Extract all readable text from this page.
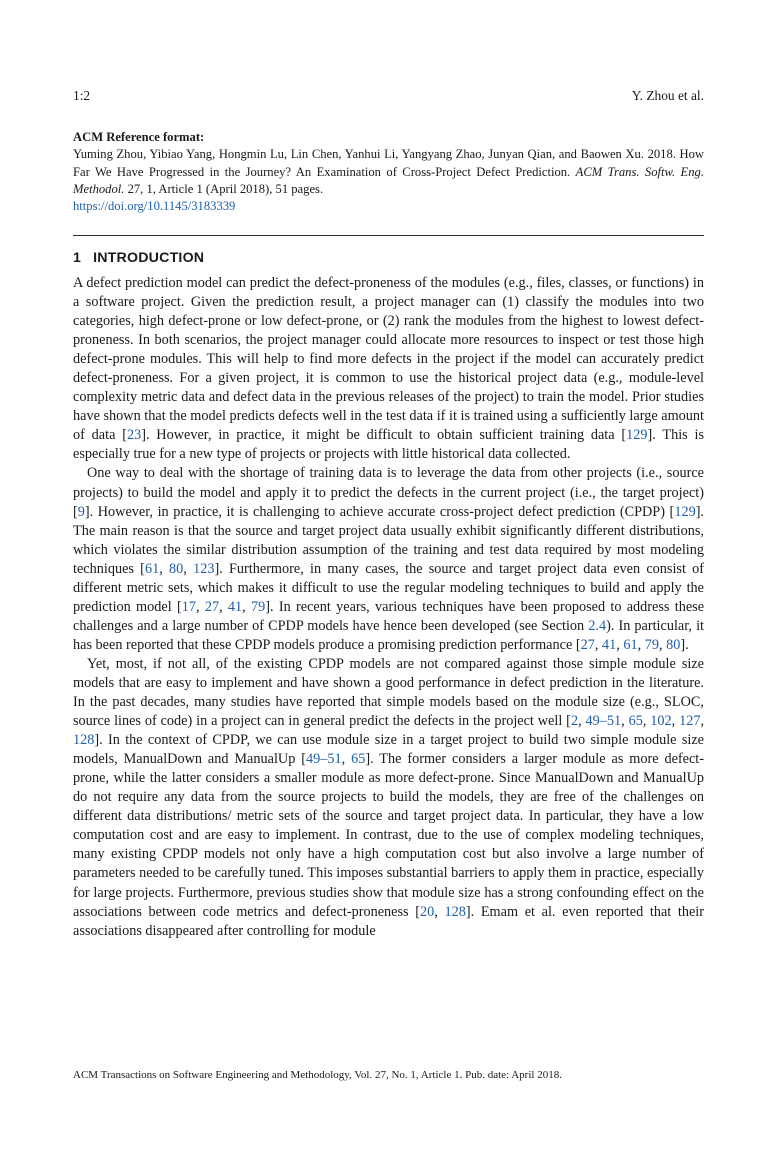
1:2	Y. Zhou et al.
ACM Reference format:

Yuming Zhou, Yibiao Yang, Hongmin Lu, Lin Chen, Yanhui Li, Yangyang Zhao, Junyan Qian, and Baowen Xu. 2018. How Far We Have Progressed in the Journey? An Examination of Cross-Project Defect Prediction. ACM Trans. Softw. Eng. Methodol. 27, 1, Article 1 (April 2018), 51 pages.

https://doi.org/10.1145/3183339
1 INTRODUCTION

A defect prediction model can predict the defect-proneness of the modules (e.g., files, classes, or functions) in a software project. Given the prediction result, a project manager can (1) classify the modules into two categories, high defect-prone or low defect-prone, or (2) rank the modules from the highest to lowest defect-proneness. In both scenarios, the project manager could allocate more resources to inspect or test those high defect-prone modules. This will help to find more defects in the project if the model can accurately predict defect-proneness. For a given project, it is common to use the historical project data (e.g., module-level complexity metric data and defect data in the previous releases of the project) to train the model. Prior studies have shown that the model predicts defects well in the test data if it is trained using a sufficiently large amount of data [23]. However, in practice, it might be difficult to obtain sufficient training data [129]. This is especially true for a new type of projects or projects with little historical data collected.

One way to deal with the shortage of training data is to leverage the data from other projects (i.e., source projects) to build the model and apply it to predict the defects in the current project (i.e., the target project) [9]. However, in practice, it is challenging to achieve accurate cross-project defect prediction (CPDP) [129]. The main reason is that the source and target project data usually exhibit significantly different distributions, which violates the similar distribution assumption of the training and test data required by most modeling techniques [61, 80, 123]. Furthermore, in many cases, the source and target project data even consist of different metric sets, which makes it difficult to use the regular modeling techniques to build and apply the prediction model [17, 27, 41, 79]. In recent years, various techniques have been proposed to address these challenges and a large number of CPDP models have hence been developed (see Section 2.4). In particular, it has been reported that these CPDP models produce a promising prediction performance [27, 41, 61, 79, 80].

Yet, most, if not all, of the existing CPDP models are not compared against those simple module size models that are easy to implement and have shown a good performance in defect prediction in the literature. In the past decades, many studies have reported that simple models based on the module size (e.g., SLOC, source lines of code) in a project can in general predict the defects in the project well [2, 49–51, 65, 102, 127, 128]. In the context of CPDP, we can use module size in a target project to build two simple module size models, ManualDown and ManualUp [49–51, 65]. The former considers a larger module as more defect-prone, while the latter considers a smaller module as more defect-prone. Since ManualDown and ManualUp do not require any data from the source projects to build the models, they are free of the challenges on different data distributions/ metric sets of the source and target project data. In particular, they have a low computation cost and are easy to implement. In contrast, due to the use of complex modeling techniques, many existing CPDP models not only have a high computation cost but also involve a large number of parameters needed to be carefully tuned. This imposes substantial barriers to apply them in practice, especially for large projects. Furthermore, previous studies show that module size has a strong confounding effect on the associations between code metrics and defect-proneness [20, 128]. Emam et al. even reported that their associations disappeared after controlling for module

ACM Transactions on Software Engineering and Methodology, Vol. 27, No. 1, Article 1. Pub. date: April 2018.
